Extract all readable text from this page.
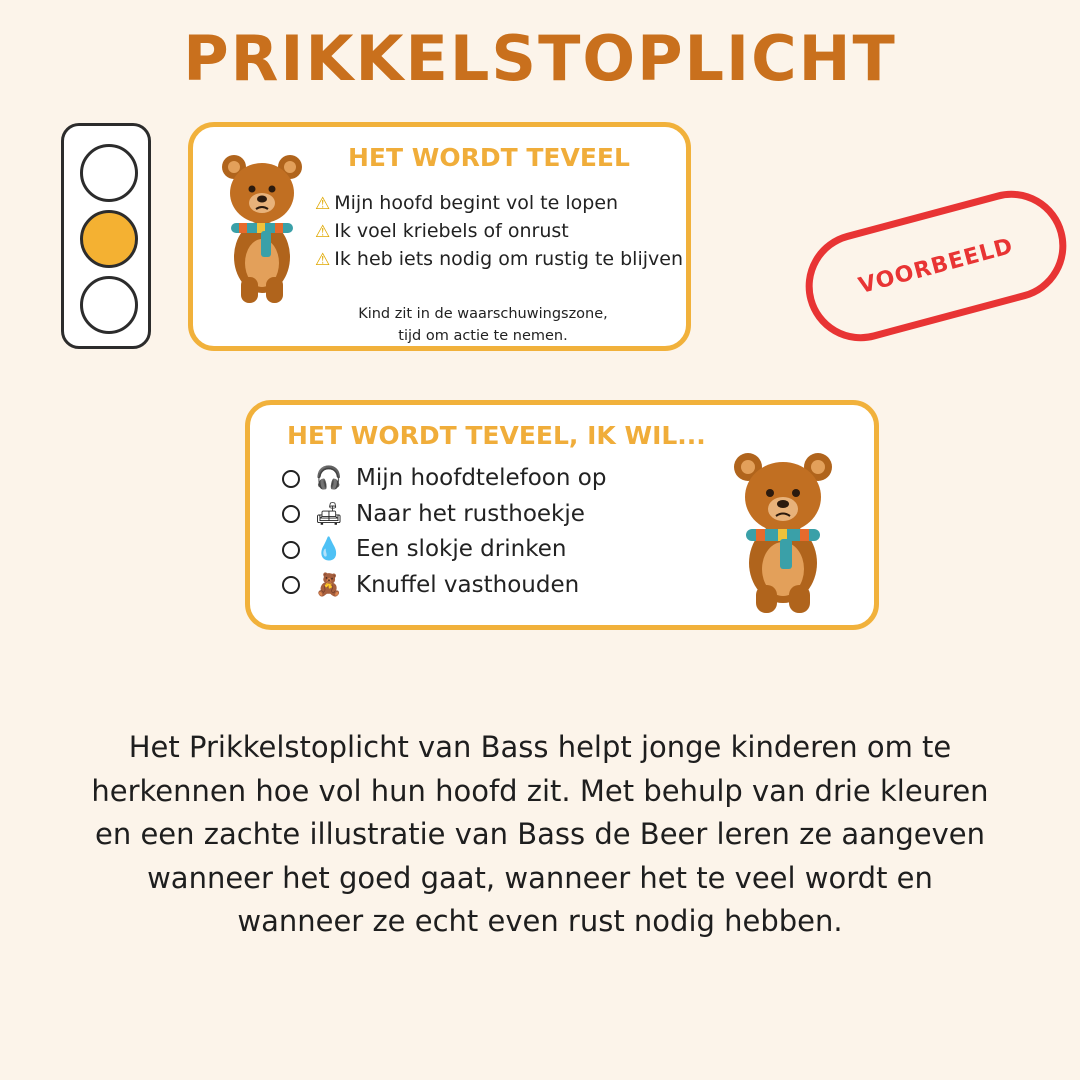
PRIKKELSTOPLICHT
HET WORDT TEVEEL
⚠ Mijn hoofd begint vol te lopen
⚠ Ik voel kriebels of onrust
⚠ Ik heb iets nodig om rustig te blijven
Kind zit in de waarschuwingszone,
tijd om actie te nemen.
VOORBEELD
HET WORDT TEVEEL, IK WIL...
🎧 Mijn hoofdtelefoon op
🛋 Naar het rusthoekje
💧 Een slokje drinken
🧸 Knuffel vasthouden
Het Prikkelstoplicht van Bass helpt jonge kinderen om te herkennen hoe vol hun hoofd zit. Met behulp van drie kleuren en een zachte illustratie van Bass de Beer leren ze aangeven wanneer het goed gaat, wanneer het te veel wordt en wanneer ze echt even rust nodig hebben.
